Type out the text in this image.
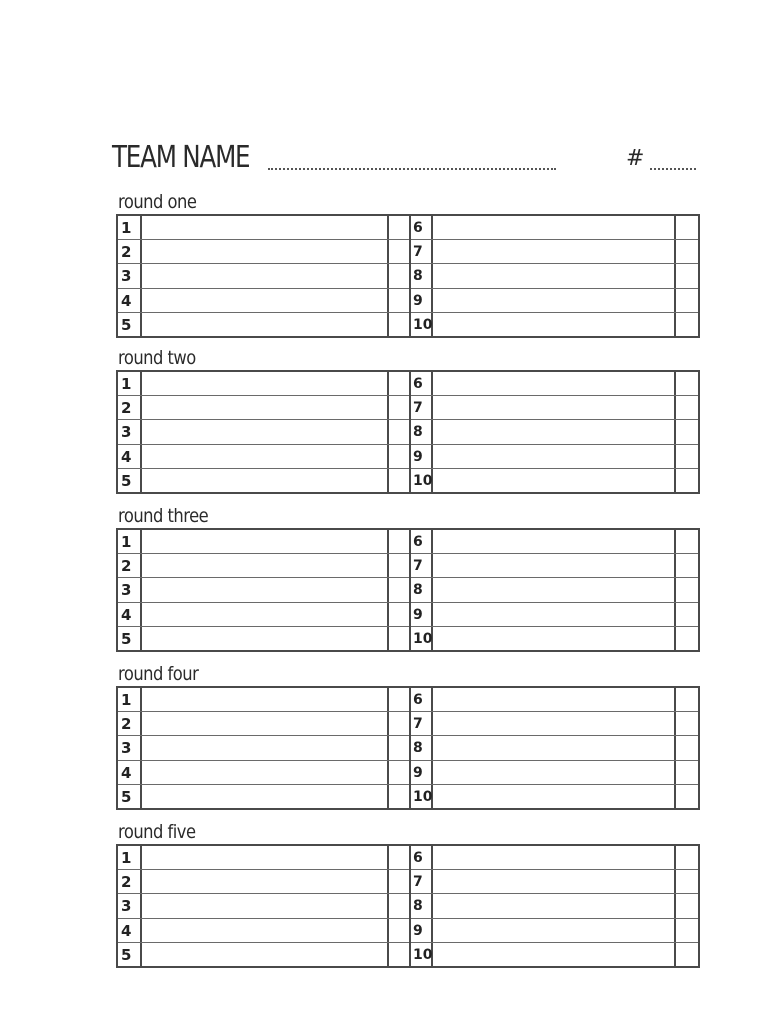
TEAM NAME	#
round one
1
2
3
4
5
6
7
8
9
10
round two
1
2
3
4
5
6
7
8
9
10
round three
1
2
3
4
5
6
7
8
9
10
round four
1
2
3
4
5
6
7
8
9
10
round five
1
2
3
4
5
6
7
8
9
10
